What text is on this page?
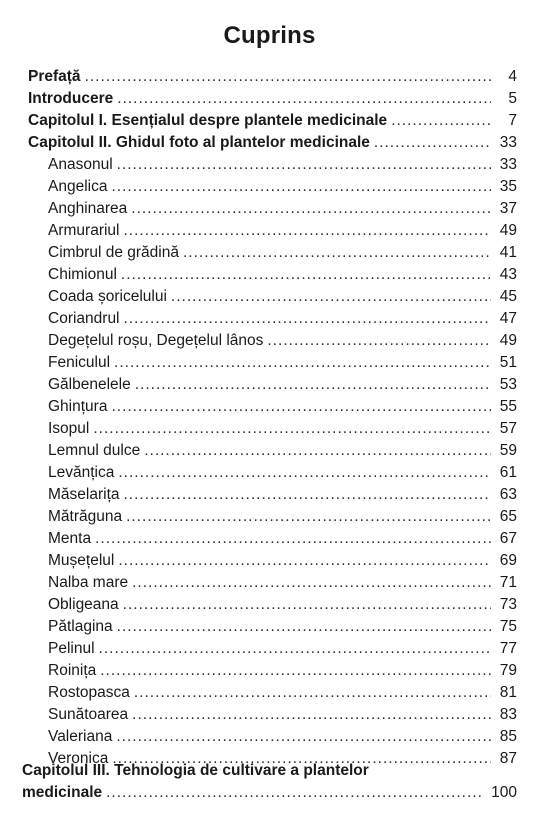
Cuprins
Prefață .....	4
Introducere .....	5
Capitolul I. Esențialul despre plantele medicinale .....	7
Capitolul II. Ghidul foto al plantelor medicinale .....	33
Anasonul .....	33
Angelica .....	35
Anghinarea .....	37
Armurariul .....	49
Cimbrul de grădină .....	41
Chimionul .....	43
Coada șoricelului .....	45
Coriandrul .....	47
Degețelul roșu, Degețelul lânos .....	49
Feniculul .....	51
Gălbenelele .....	53
Ghințura .....	55
Isopul .....	57
Lemnul dulce .....	59
Levănțica .....	61
Măselarița .....	63
Mătrăguna .....	65
Menta .....	67
Mușețelul .....	69
Nalba mare .....	71
Obligeana .....	73
Pătlagina .....	75
Pelinul .....	77
Roinița .....	79
Rostopasca .....	81
Sunătoarea .....	83
Valeriana .....	85
Veronica .....	87
Capitolul III. Tehnologia de cultivare a plantelor
medicinale .....	100
